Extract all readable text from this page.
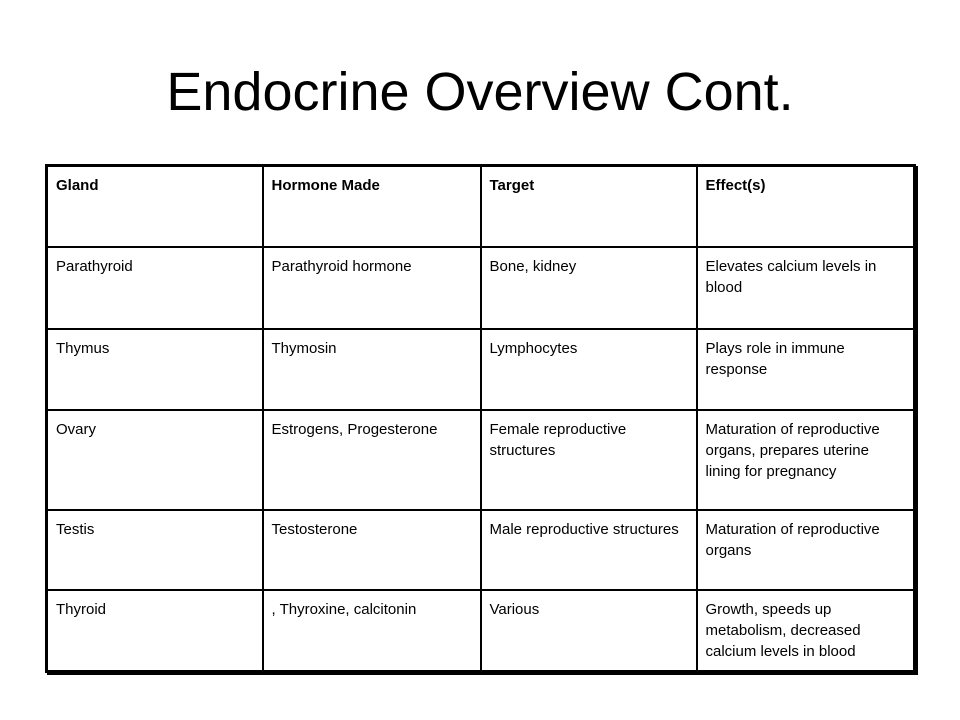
Endocrine Overview Cont.
Gland	Hormone Made	Target	Effect(s)
Parathyroid	Parathyroid hormone	Bone, kidney	Elevates calcium levels in blood
Thymus	Thymosin	Lymphocytes	Plays role in immune response
Ovary	Estrogens, Progesterone	Female reproductive structures	Maturation of reproductive organs, prepares uterine lining for pregnancy
Testis	Testosterone	Male reproductive structures	Maturation of reproductive organs
Thyroid	, Thyroxine, calcitonin	Various	Growth, speeds up metabolism, decreased calcium levels in blood
